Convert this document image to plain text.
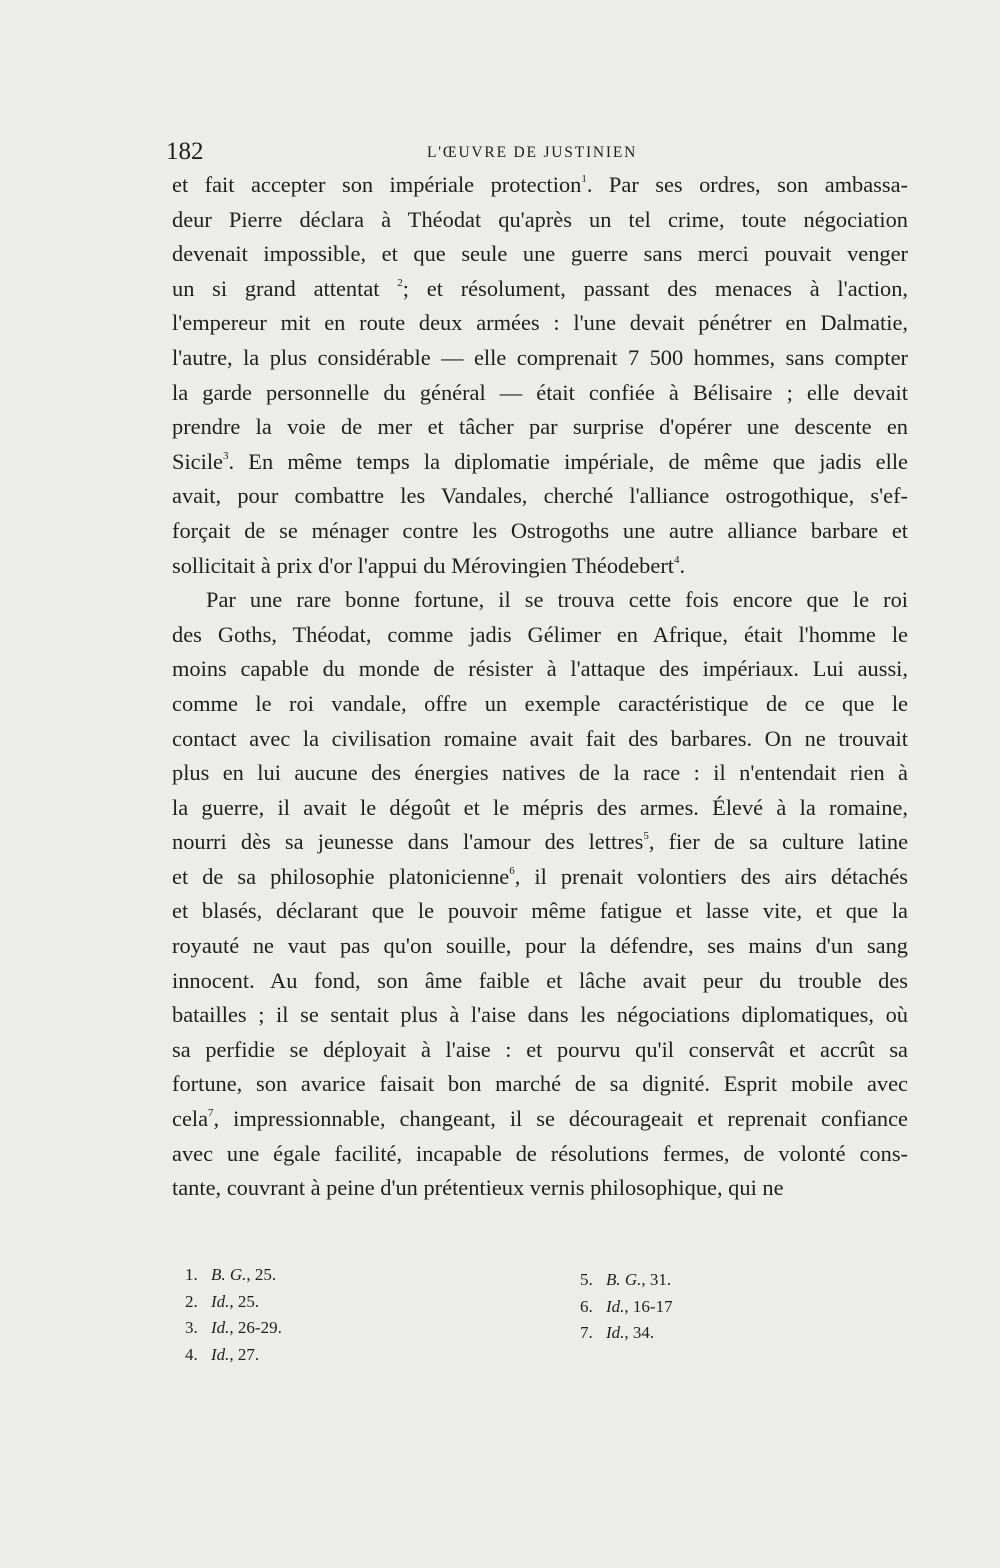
182	L'ŒUVRE DE JUSTINIEN
et fait accepter son impériale protection$^1$. Par ses ordres, son ambassa-
deur Pierre déclara à Théodat qu'après un tel crime, toute négociation
devenait impossible, et que seule une guerre sans merci pouvait venger
un si grand attentat $^2$; et résolument, passant des menaces à l'action,
l'empereur mit en route deux armées : l'une devait pénétrer en Dalmatie,
l'autre, la plus considérable — elle comprenait 7 500 hommes, sans compter
la garde personnelle du général — était confiée à Bélisaire ; elle devait
prendre la voie de mer et tâcher par surprise d'opérer une descente en
Sicile$^3$. En même temps la diplomatie impériale, de même que jadis elle
avait, pour combattre les Vandales, cherché l'alliance ostrogothique, s'ef-
forçait de se ménager contre les Ostrogoths une autre alliance barbare et
sollicitait à prix d'or l'appui du Mérovingien Théodebert$^4$.
Par une rare bonne fortune, il se trouva cette fois encore que le roi
des Goths, Théodat, comme jadis Gélimer en Afrique, était l'homme le
moins capable du monde de résister à l'attaque des impériaux. Lui aussi,
comme le roi vandale, offre un exemple caractéristique de ce que le
contact avec la civilisation romaine avait fait des barbares. On ne trouvait
plus en lui aucune des énergies natives de la race : il n'entendait rien à
la guerre, il avait le dégoût et le mépris des armes. Élevé à la romaine,
nourri dès sa jeunesse dans l'amour des lettres$^5$, fier de sa culture latine
et de sa philosophie platonicienne$^6$, il prenait volontiers des airs détachés
et blasés, déclarant que le pouvoir même fatigue et lasse vite, et que la
royauté ne vaut pas qu'on souille, pour la défendre, ses mains d'un sang
innocent. Au fond, son âme faible et lâche avait peur du trouble des
batailles ; il se sentait plus à l'aise dans les négociations diplomatiques, où
sa perfidie se déployait à l'aise : et pourvu qu'il conservât et accrût sa
fortune, son avarice faisait bon marché de sa dignité. Esprit mobile avec
cela$^7$, impressionnable, changeant, il se décourageait et reprenait confiance
avec une égale facilité, incapable de résolutions fermes, de volonté cons-
tante, couvrant à peine d'un prétentieux vernis philosophique, qui ne
1. B. G., 25.
2. Id., 25.
3. Id., 26-29.
4. Id., 27.
5. B. G., 31.
6. Id., 16-17
7. Id., 34.
